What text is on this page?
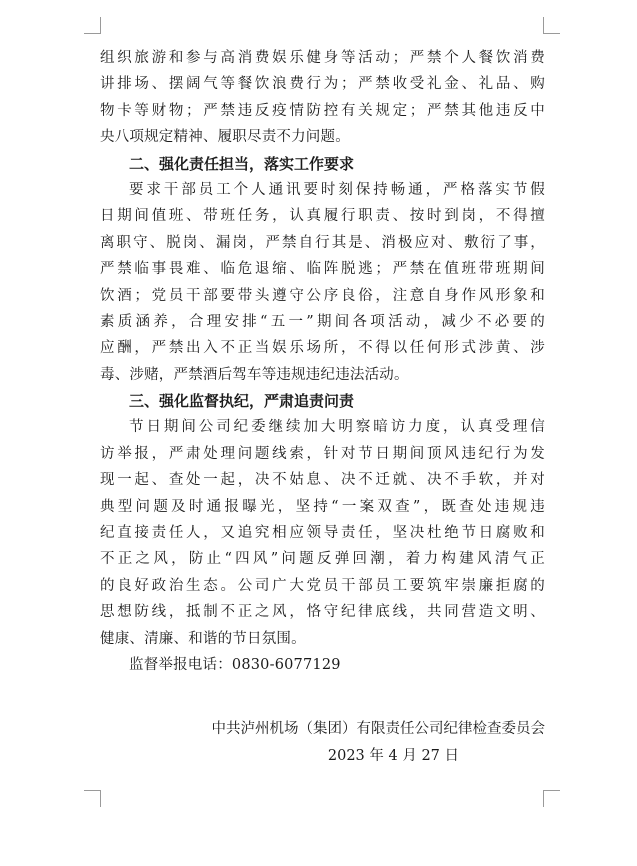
组织旅游和参与高消费娱乐健身等活动；严禁个人餐饮消费
讲排场、摆阔气等餐饮浪费行为；严禁收受礼金、礼品、购
物卡等财物；严禁违反疫情防控有关规定；严禁其他违反中
央八项规定精神、履职尽责不力问题。
二、强化责任担当，落实工作要求
要求干部员工个人通讯要时刻保持畅通，严格落实节假
日期间值班、带班任务，认真履行职责、按时到岗，不得擅
离职守、脱岗、漏岗，严禁自行其是、消极应对、敷衍了事，
严禁临事畏难、临危退缩、临阵脱逃；严禁在值班带班期间
饮酒；党员干部要带头遵守公序良俗，注意自身作风形象和
素质涵养，合理安排“五一”期间各项活动，减少不必要的
应酬，严禁出入不正当娱乐场所，不得以任何形式涉黄、涉
毒、涉赌，严禁酒后驾车等违规违纪违法活动。
三、强化监督执纪，严肃追责问责
节日期间公司纪委继续加大明察暗访力度，认真受理信
访举报，严肃处理问题线索，针对节日期间顶风违纪行为发
现一起、查处一起，决不姑息、决不迁就、决不手软，并对
典型问题及时通报曝光，坚持“一案双查”，既查处违规违
纪直接责任人，又追究相应领导责任，坚决杜绝节日腐败和
不正之风，防止“四风”问题反弹回潮，着力构建风清气正
的良好政治生态。公司广大党员干部员工要筑牢崇廉拒腐的
思想防线，抵制不正之风，恪守纪律底线，共同营造文明、
健康、清廉、和谐的节日氛围。
监督举报电话：0830-6077129
中共泸州机场（集团）有限责任公司纪律检查委员会
2023 年 4 月 27 日
